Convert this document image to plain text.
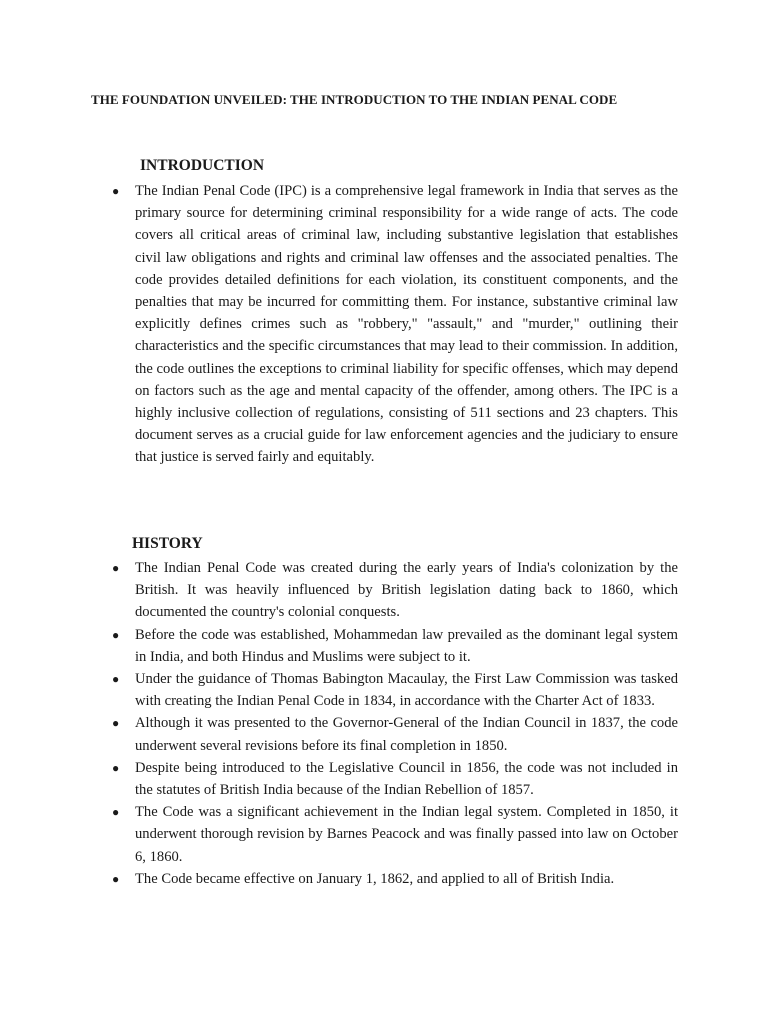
THE FOUNDATION UNVEILED: THE INTRODUCTION TO THE INDIAN PENAL CODE
INTRODUCTION
● The Indian Penal Code (IPC) is a comprehensive legal framework in India that serves as the primary source for determining criminal responsibility for a wide range of acts. The code covers all critical areas of criminal law, including substantive legislation that establishes civil law obligations and rights and criminal law offenses and the associated penalties. The code provides detailed definitions for each violation, its constituent components, and the penalties that may be incurred for committing them. For instance, substantive criminal law explicitly defines crimes such as "robbery," "assault," and "murder," outlining their characteristics and the specific circumstances that may lead to their commission. In addition, the code outlines the exceptions to criminal liability for specific offenses, which may depend on factors such as the age and mental capacity of the offender, among others. The IPC is a highly inclusive collection of regulations, consisting of 511 sections and 23 chapters. This document serves as a crucial guide for law enforcement agencies and the judiciary to ensure that justice is served fairly and equitably.
HISTORY
● The Indian Penal Code was created during the early years of India's colonization by the British. It was heavily influenced by British legislation dating back to 1860, which documented the country's colonial conquests.
● Before the code was established, Mohammedan law prevailed as the dominant legal system in India, and both Hindus and Muslims were subject to it.
● Under the guidance of Thomas Babington Macaulay, the First Law Commission was tasked with creating the Indian Penal Code in 1834, in accordance with the Charter Act of 1833.
● Although it was presented to the Governor-General of the Indian Council in 1837, the code underwent several revisions before its final completion in 1850.
● Despite being introduced to the Legislative Council in 1856, the code was not included in the statutes of British India because of the Indian Rebellion of 1857.
● The Code was a significant achievement in the Indian legal system. Completed in 1850, it underwent thorough revision by Barnes Peacock and was finally passed into law on October 6, 1860.
● The Code became effective on January 1, 1862, and applied to all of British India.
